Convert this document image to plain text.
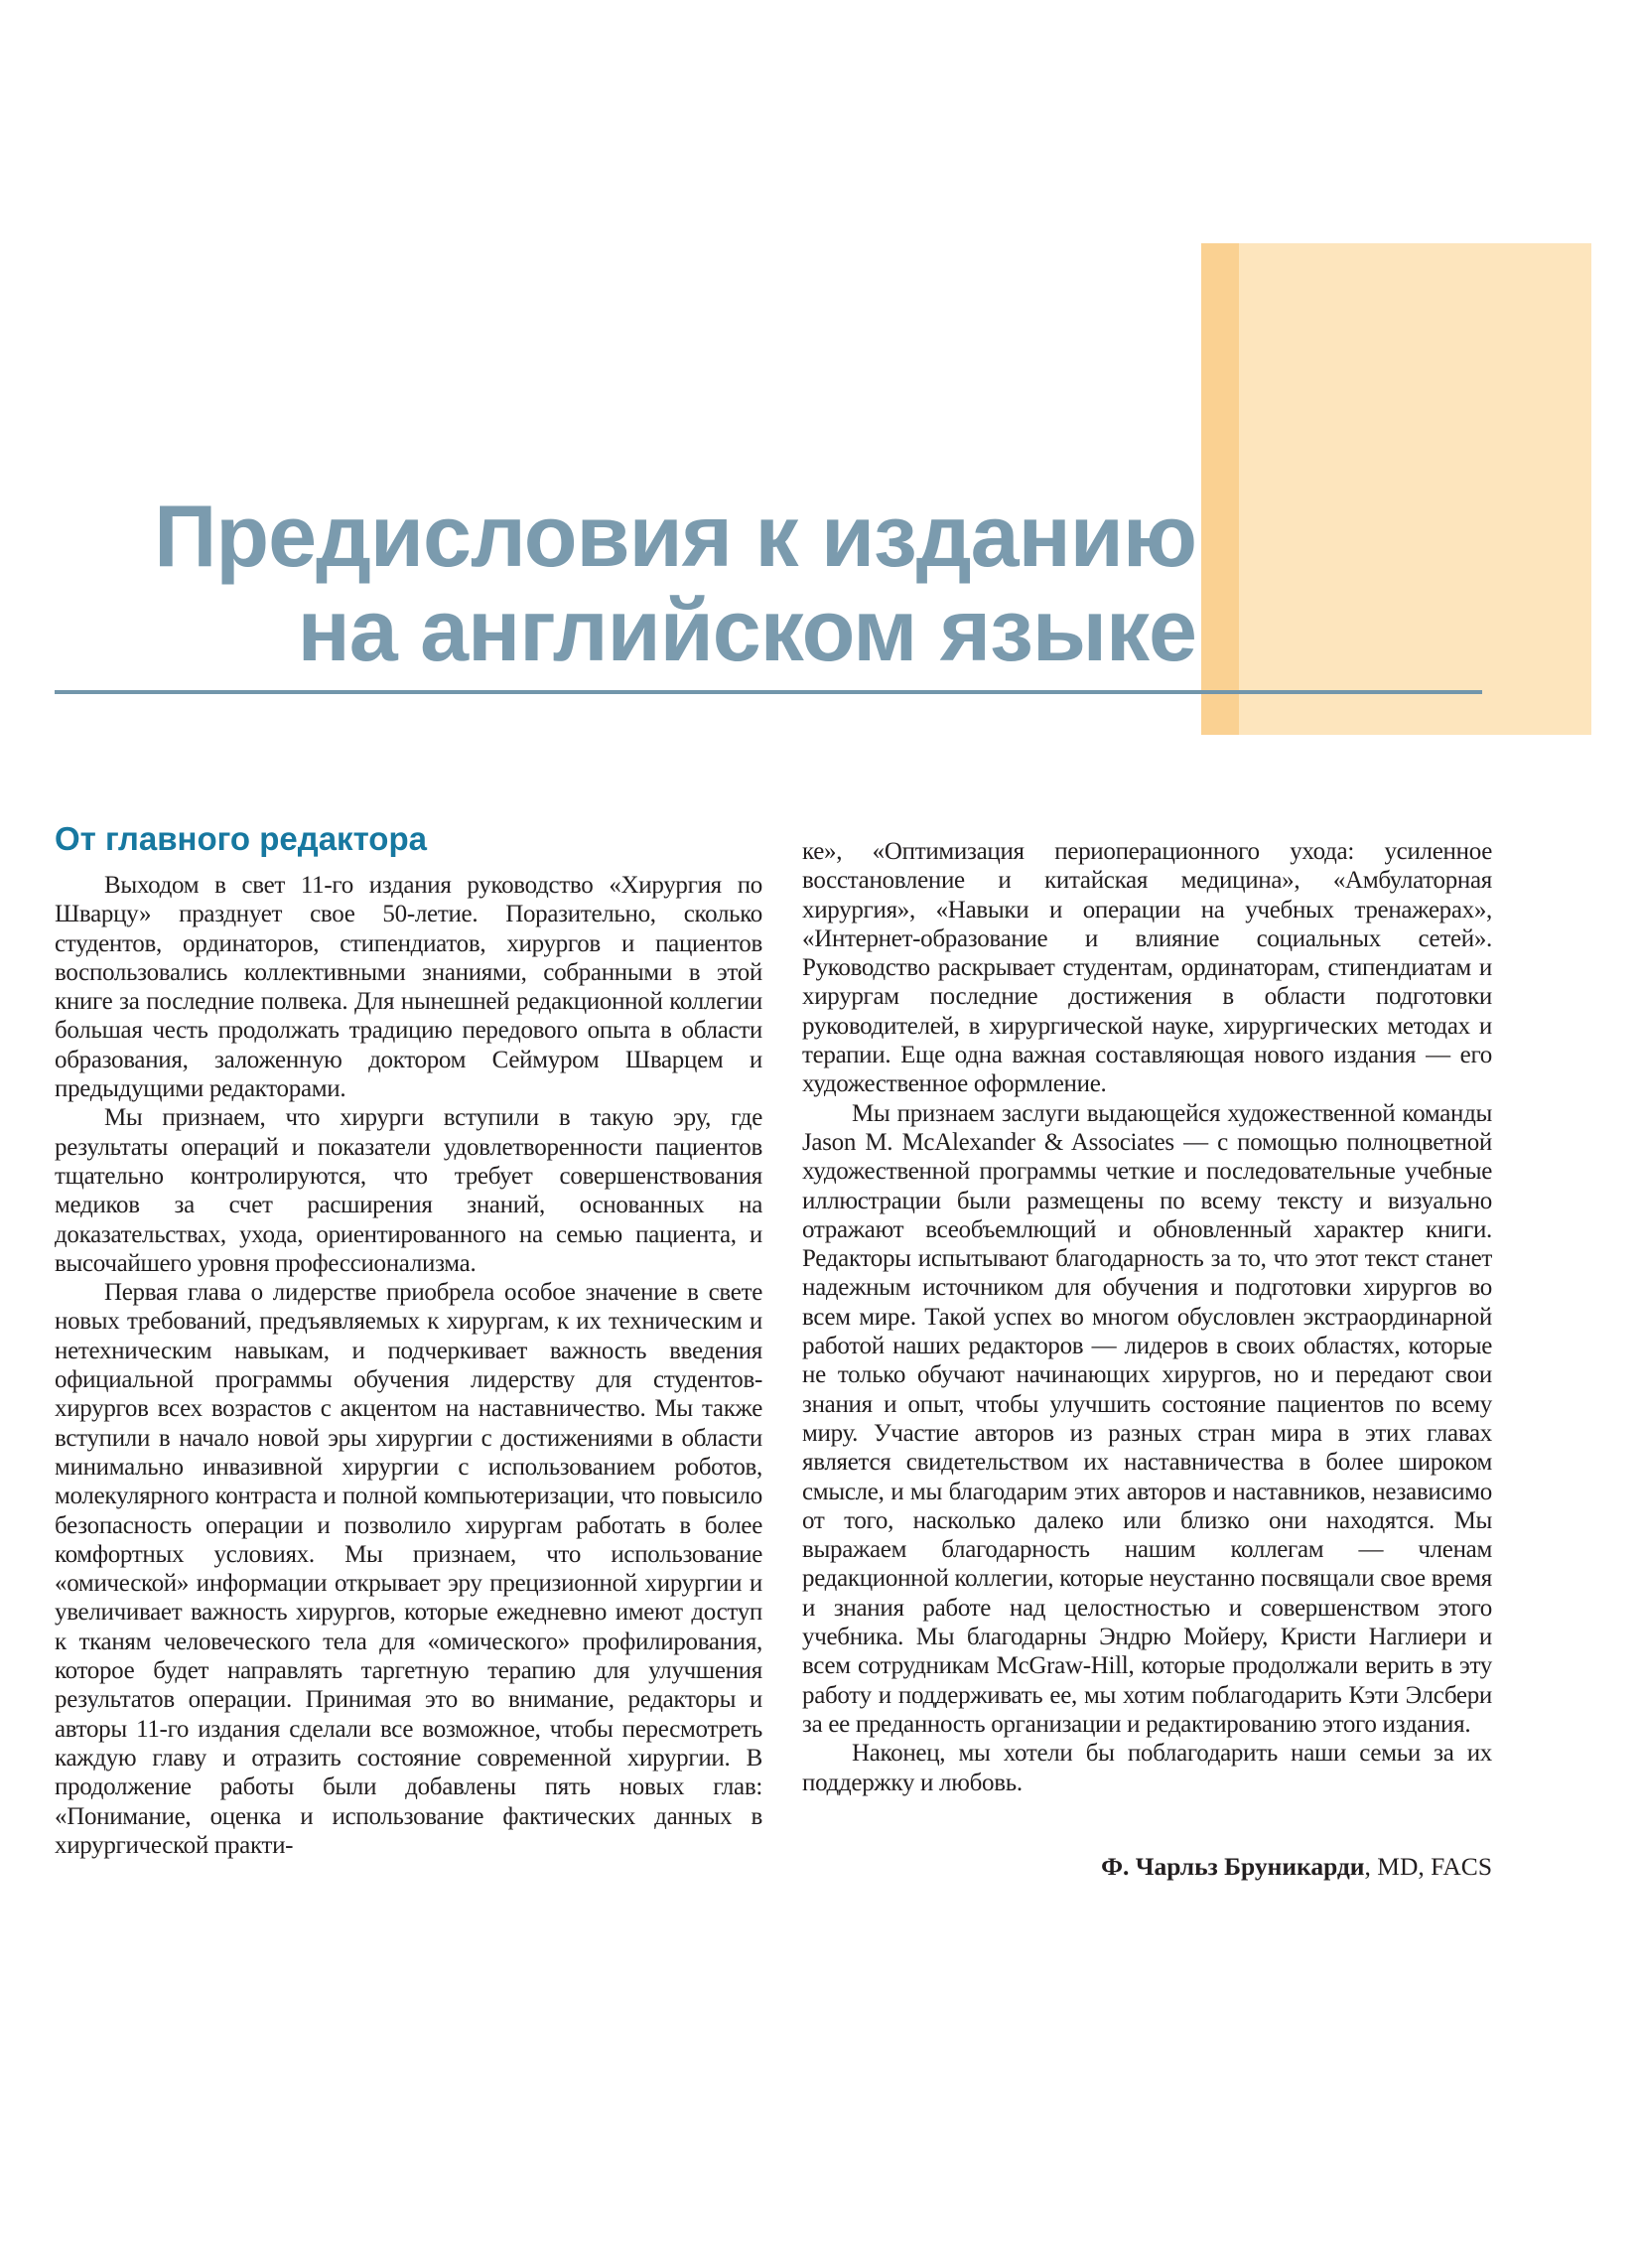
Предисловия к изданию
на английском языке
От главного редактора

Выходом в свет 11-го издания руководство «Хирургия по Шварцу» празднует свое 50-летие. Поразительно, сколько студентов, ординаторов, стипендиатов, хирургов и пациентов воспользовались коллективными знаниями, собранными в этой книге за последние полвека. Для нынешней редакционной коллегии большая честь продолжать традицию передового опыта в области образования, заложенную доктором Сеймуром Шварцем и предыдущими редакторами.

Мы признаем, что хирурги вступили в такую эру, где результаты операций и показатели удовлетворенности пациентов тщательно контролируются, что требует совершенствования медиков за счет расширения знаний, основанных на доказательствах, ухода, ориентированного на семью пациента, и высочайшего уровня профессионализма.

Первая глава о лидерстве приобрела особое значение в свете новых требований, предъявляемых к хирургам, к их техническим и нетехническим навыкам, и подчеркивает важность введения официальной программы обучения лидерству для студентов-хирургов всех возрастов с акцентом на наставничество. Мы также вступили в начало новой эры хирургии с достижениями в области минимально инвазивной хирургии с использованием роботов, молекулярного контраста и полной компьютеризации, что повысило безопасность операции и позволило хирургам работать в более комфортных условиях. Мы признаем, что использование «омической» информации открывает эру прецизионной хирургии и увеличивает важность хирургов, которые ежедневно имеют доступ к тканям человеческого тела для «омического» профилирования, которое будет направлять таргетную терапию для улучшения результатов операции. Принимая это во внимание, редакторы и авторы 11-го издания сделали все возможное, чтобы пересмотреть каждую главу и отразить состояние современной хирургии. В продолжение работы были добавлены пять новых глав: «Понимание, оценка и использование фактических данных в хирургической практи-

ке», «Оптимизация периоперационного ухода: усиленное восстановление и китайская медицина», «Амбулаторная хирургия», «Навыки и операции на учебных тренажерах», «Интернет-образование и влияние социальных сетей». Руководство раскрывает студентам, ординаторам, стипендиатам и хирургам последние достижения в области подготовки руководителей, в хирургической науке, хирургических методах и терапии. Еще одна важная составляющая нового издания — его художественное оформление.

Мы признаем заслуги выдающейся художественной команды Jason M. McAlexander & Associates — с помощью полноцветной художественной программы четкие и последовательные учебные иллюстрации были размещены по всему тексту и визуально отражают всеобъемлющий и обновленный характер книги. Редакторы испытывают благодарность за то, что этот текст станет надежным источником для обучения и подготовки хирургов во всем мире. Такой успех во многом обусловлен экстраординарной работой наших редакторов — лидеров в своих областях, которые не только обучают начинающих хирургов, но и передают свои знания и опыт, чтобы улучшить состояние пациентов по всему миру. Участие авторов из разных стран мира в этих главах является свидетельством их наставничества в более широком смысле, и мы благодарим этих авторов и наставников, независимо от того, насколько далеко или близко они находятся. Мы выражаем благодарность нашим коллегам — членам редакционной коллегии, которые неустанно посвящали свое время и знания работе над целостностью и совершенством этого учебника. Мы благодарны Эндрю Мойеру, Кристи Наглиери и всем сотрудникам McGraw-Hill, которые продолжали верить в эту работу и поддерживать ее, мы хотим поблагодарить Кэти Элсбери за ее преданность организации и редактированию этого издания.

Наконец, мы хотели бы поблагодарить наши семьи за их поддержку и любовь.

Ф. Чарльз Бруникарди, MD, FACS
